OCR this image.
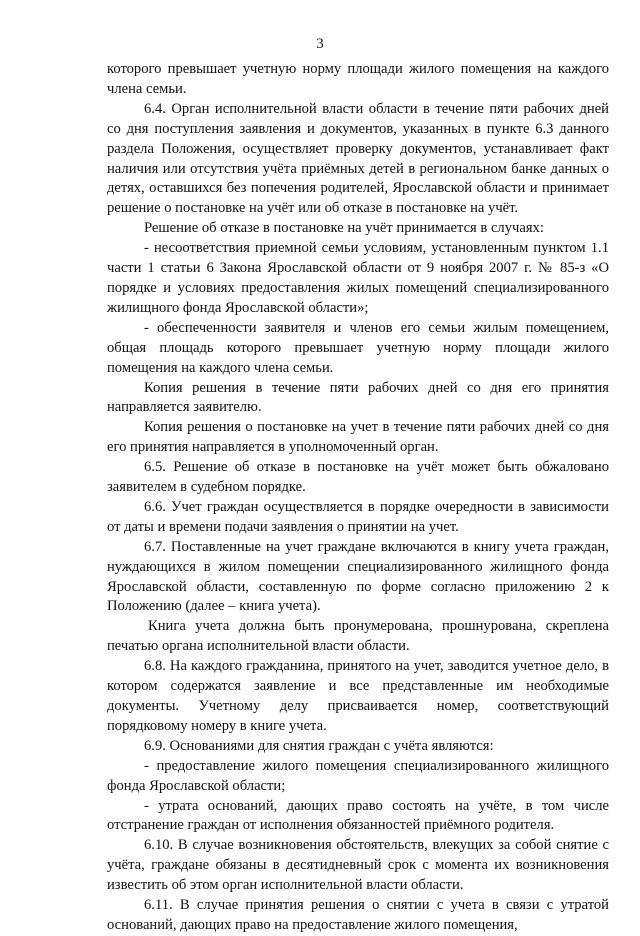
3

которого превышает учетную норму площади жилого помещения на каждого члена семьи.

6.4. Орган исполнительной власти области в течение пяти рабочих дней со дня поступления заявления и документов, указанных в пункте 6.3 данного раздела Положения, осуществляет проверку документов, устанавливает факт наличия или отсутствия учёта приёмных детей в региональном банке данных о детях, оставшихся без попечения родителей, Ярославской области и принимает решение о постановке на учёт или об отказе в постановке на учёт.

Решение об отказе в постановке на учёт принимается в случаях:

- несоответствия приемной семьи условиям, установленным пунктом 1.1 части 1 статьи 6 Закона Ярославской области от 9 ноября 2007 г. № 85-з «О порядке и условиях предоставления жилых помещений специализированного жилищного фонда Ярославской области»;

- обеспеченности заявителя и членов его семьи жилым помещением, общая площадь которого превышает учетную норму площади жилого помещения на каждого члена семьи.

Копия решения в течение пяти рабочих дней со дня его принятия направляется заявителю.

Копия решения о постановке на учет в течение пяти рабочих дней со дня его принятия направляется в уполномоченный орган.

6.5. Решение об отказе в постановке на учёт может быть обжаловано заявителем в судебном порядке.

6.6. Учет граждан осуществляется в порядке очередности в зависимости от даты и времени подачи заявления о принятии на учет.

6.7. Поставленные на учет граждане включаются в книгу учета граждан, нуждающихся в жилом помещении специализированного жилищного фонда Ярославской области, составленную по форме согласно приложению 2 к Положению (далее – книга учета).

Книга учета должна быть пронумерована, прошнурована, скреплена печатью органа исполнительной власти области.

6.8. На каждого гражданина, принятого на учет, заводится учетное дело, в котором содержатся заявление и все представленные им необходимые документы. Учетному делу присваивается номер, соответствующий порядковому номеру в книге учета.

6.9. Основаниями для снятия граждан с учёта являются:

- предоставление жилого помещения специализированного жилищного фонда Ярославской области;

- утрата оснований, дающих право состоять на учёте, в том числе отстранение граждан от исполнения обязанностей приёмного родителя.

6.10. В случае возникновения обстоятельств, влекущих за собой снятие с учёта, граждане обязаны в десятидневный срок с момента их возникновения известить об этом орган исполнительной власти области.

6.11. В случае принятия решения о снятии с учета в связи с утратой оснований, дающих право на предоставление жилого помещения,
